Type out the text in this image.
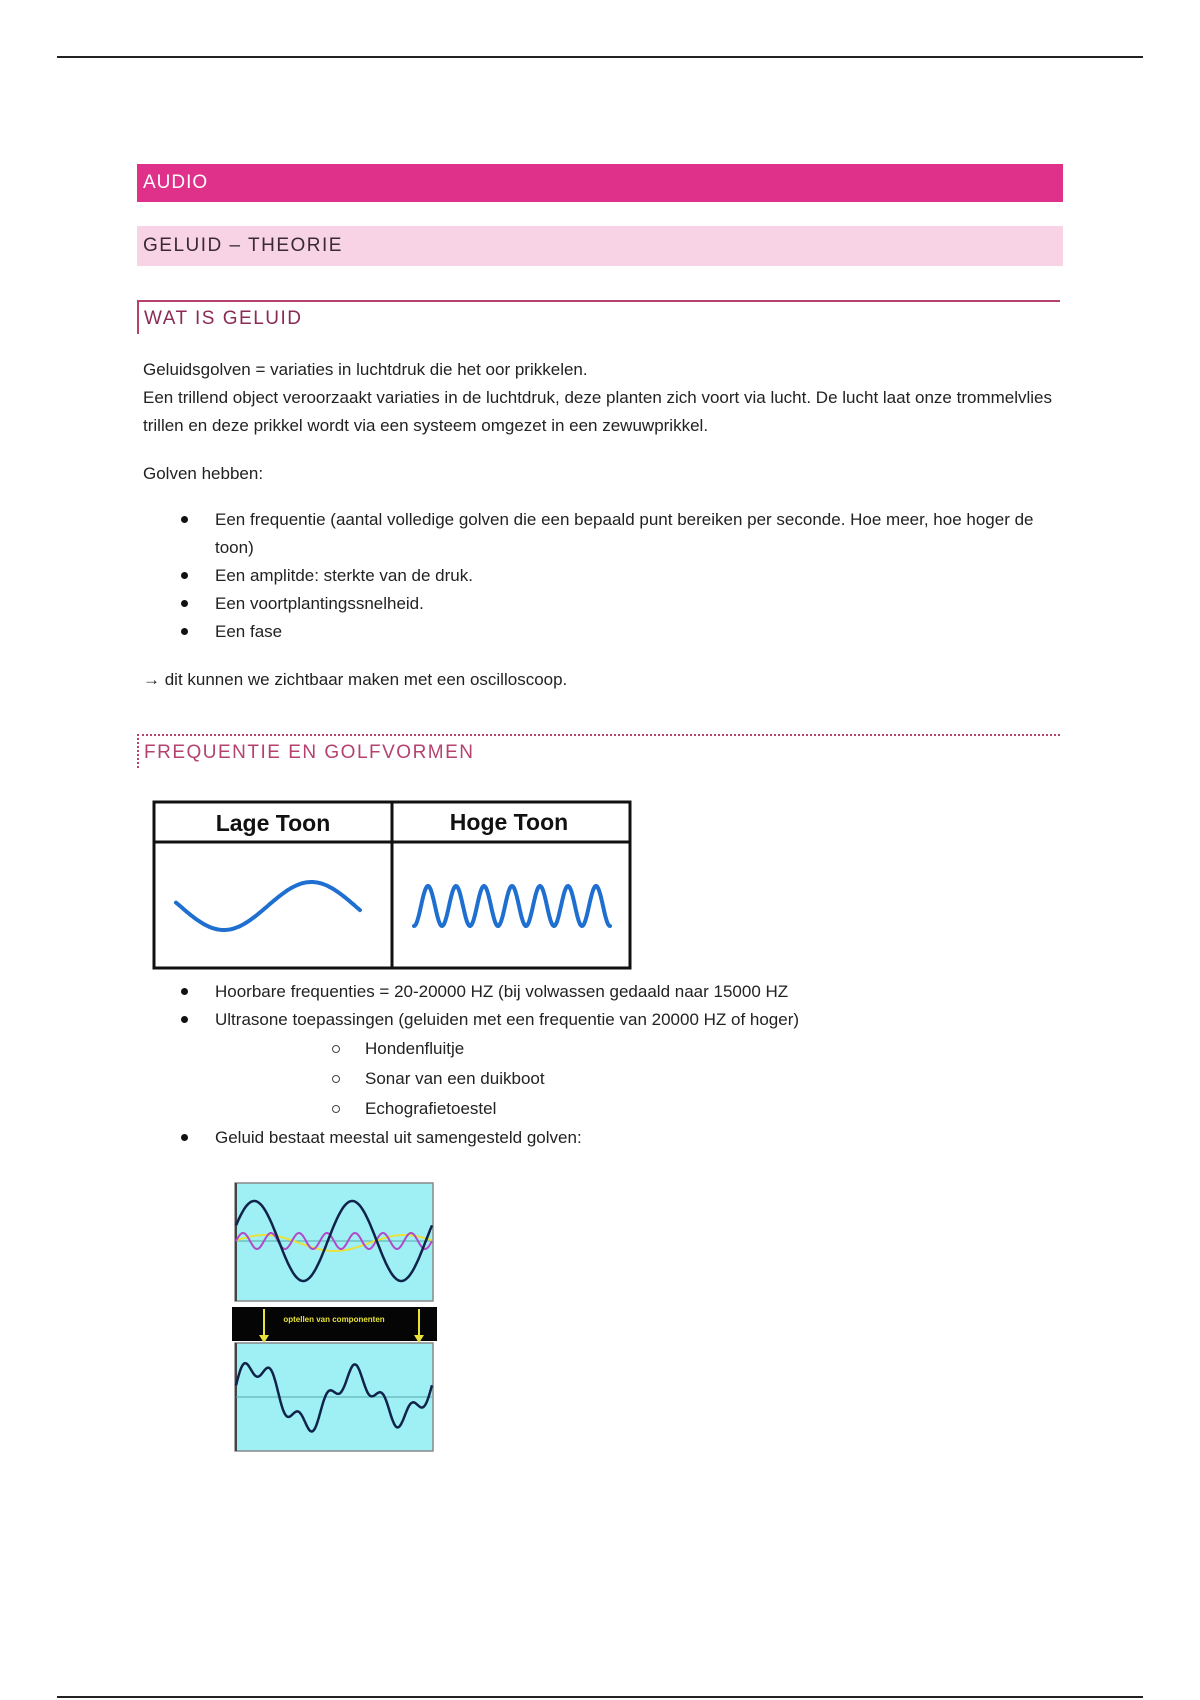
AUDIO
GELUID – THEORIE
WAT IS GELUID

Geluidsgolven = variaties in luchtdruk die het oor prikkelen.

Een trillend object veroorzaakt variaties in de luchtdruk, deze planten zich voort via lucht. De lucht laat onze trommelvlies trillen en deze prikkel wordt via een systeem omgezet in een zewuwprikkel.

Golven hebben:

Een frequentie (aantal volledige golven die een bepaald punt bereiken per seconde. Hoe meer, hoe hoger de toon)
Een amplitde: sterkte van de druk.
Een voortplantingssnelheid.
Een fase

→ dit kunnen we zichtbaar maken met een oscilloscoop.

FREQUENTIE EN GOLFVORMEN
Lage Toon	Hoge Toon
Hoorbare frequenties = 20-20000 HZ (bij volwassen gedaald naar 15000 HZ
Ultrasone toepassingen (geluiden met een frequentie van 20000 HZ of hoger)
Hondenfluitje
Sonar van een duikboot
Echografietoestel
Geluid bestaat meestal uit samengesteld golven:
optellen van componenten
